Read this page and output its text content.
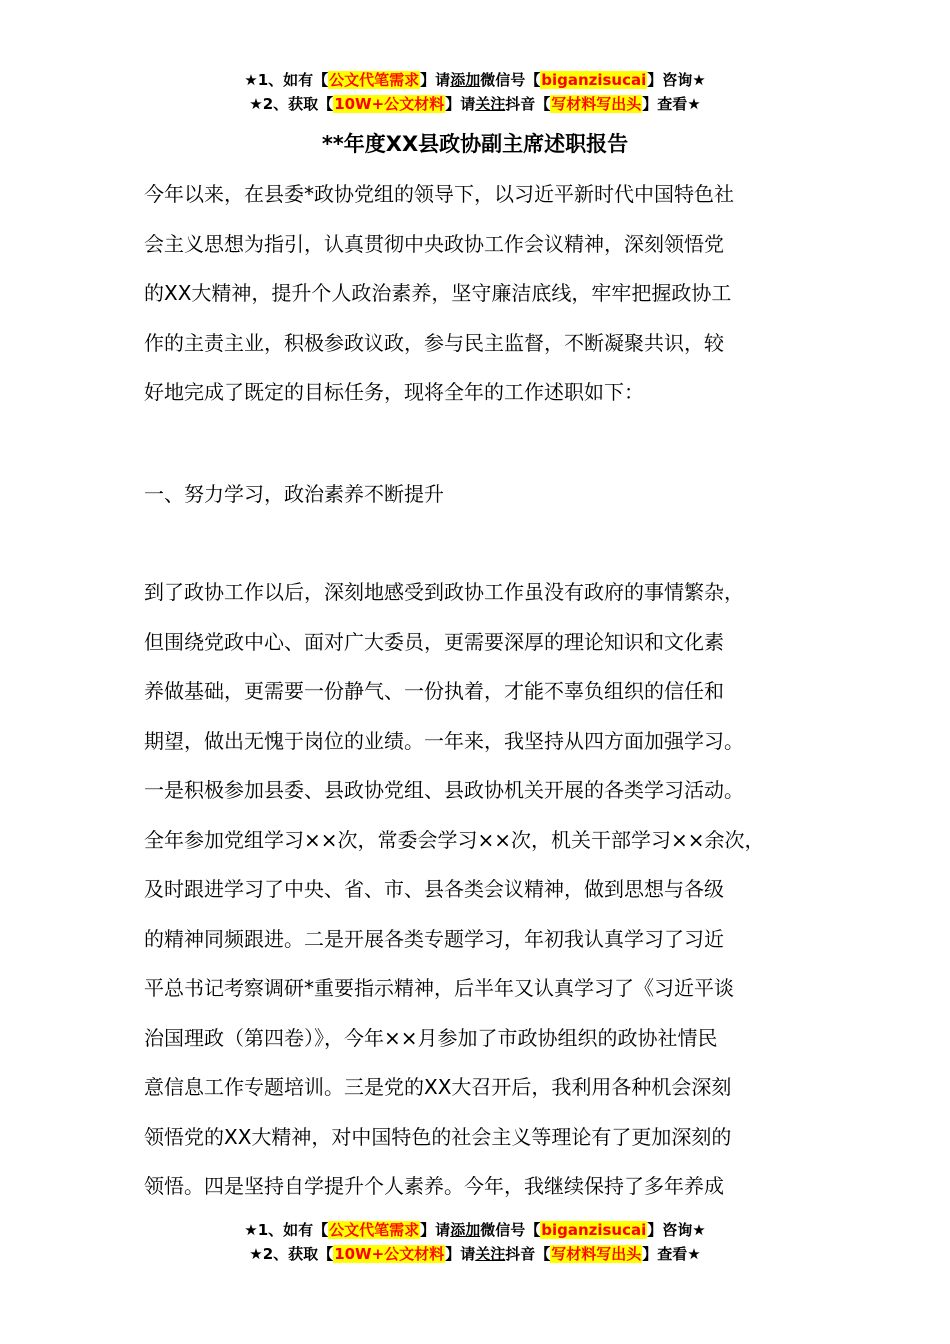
★1、如有【公文代笔需求】请添加微信号【biganzisucai】咨询★
★2、获取【10W+公文材料】请关注抖音【写材料写出头】查看★
**年度XX县政协副主席述职报告

今年以来，在县委*政协党组的领导下，以习近平新时代中国特色社

会主义思想为指引，认真贯彻中央政协工作会议精神，深刻领悟党

的XX大精神，提升个人政治素养，坚守廉洁底线，牢牢把握政协工

作的主责主业，积极参政议政，参与民主监督，不断凝聚共识，较

好地完成了既定的目标任务，现将全年的工作述职如下：

一、努力学习，政治素养不断提升

到了政协工作以后，深刻地感受到政协工作虽没有政府的事情繁杂，

但围绕党政中心、面对广大委员，更需要深厚的理论知识和文化素

养做基础，更需要一份静气、一份执着，才能不辜负组织的信任和

期望，做出无愧于岗位的业绩。一年来，我坚持从四方面加强学习。

一是积极参加县委、县政协党组、县政协机关开展的各类学习活动。

全年参加党组学习××次，常委会学习××次，机关干部学习××余次，

及时跟进学习了中央、省、市、县各类会议精神，做到思想与各级

的精神同频跟进。二是开展各类专题学习，年初我认真学习了习近

平总书记考察调研*重要指示精神，后半年又认真学习了《习近平谈

治国理政（第四卷）》，今年××月参加了市政协组织的政协社情民

意信息工作专题培训。三是党的XX大召开后，我利用各种机会深刻

领悟党的XX大精神，对中国特色的社会主义等理论有了更加深刻的

领悟。四是坚持自学提升个人素养。今年，我继续保持了多年养成

★1、如有【公文代笔需求】请添加微信号【biganzisucai】咨询★
★2、获取【10W+公文材料】请关注抖音【写材料写出头】查看★
